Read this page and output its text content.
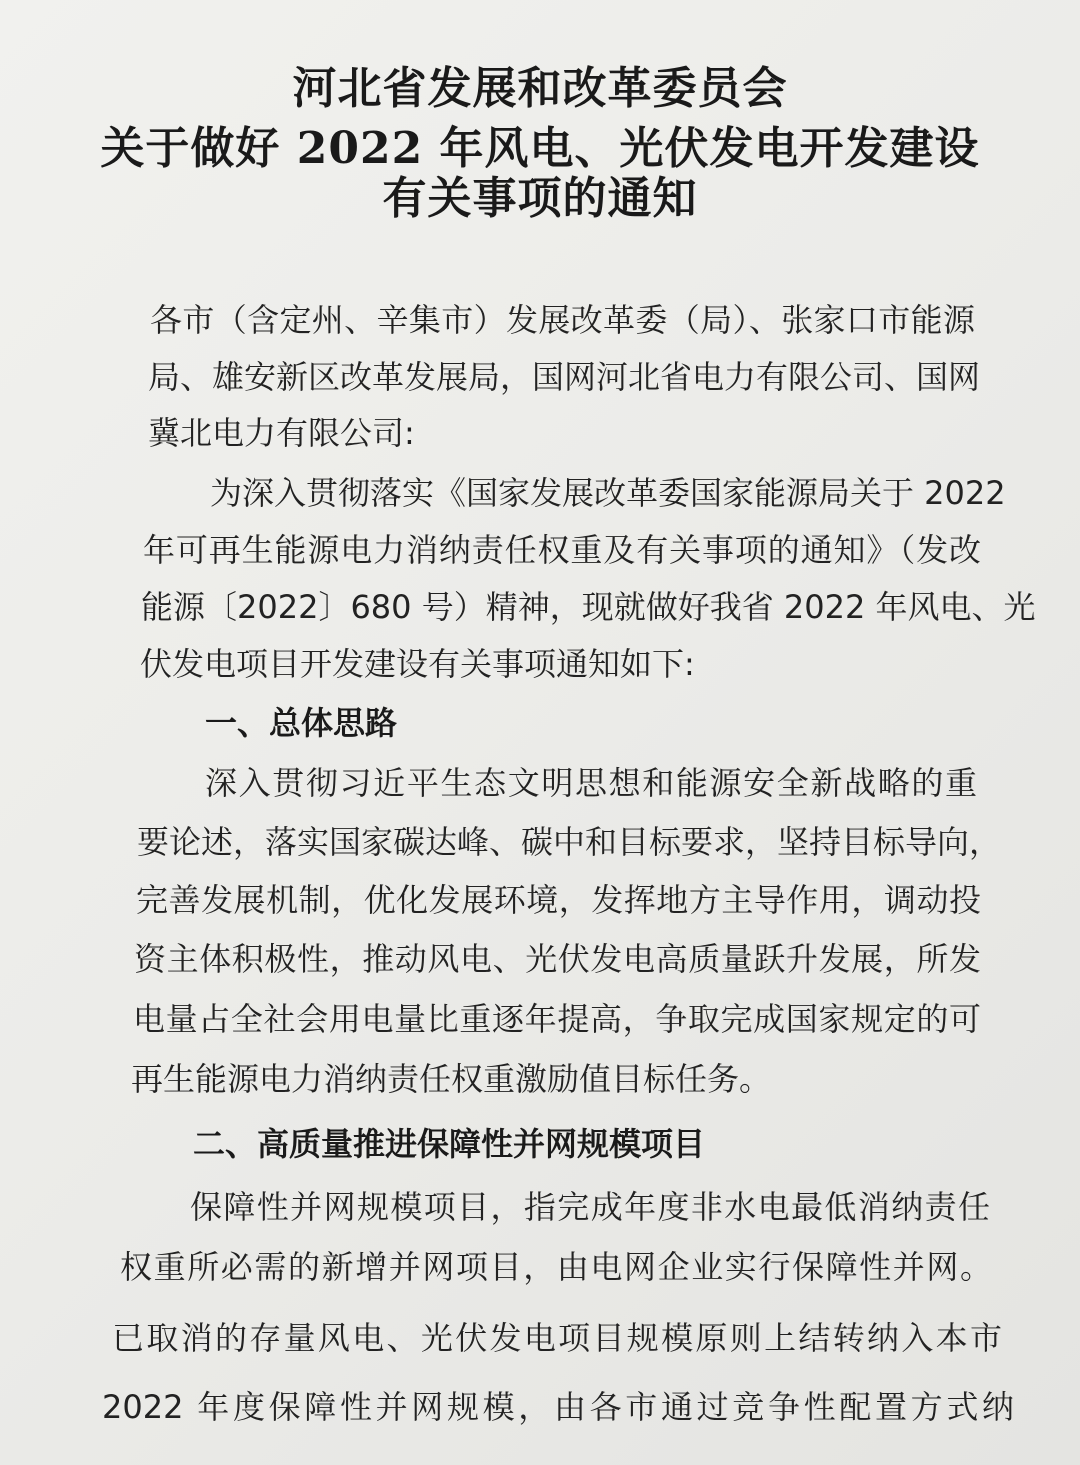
河北省发展和改革委员会
关于做好 2022 年风电、光伏发电开发建设
有关事项的通知
各市（含定州、辛集市）发展改革委（局）、张家口市能源
局、雄安新区改革发展局，国网河北省电力有限公司、国网
冀北电力有限公司:
为深入贯彻落实《国家发展改革委国家能源局关于 2022
年可再生能源电力消纳责任权重及有关事项的通知》（发改
能源〔2022〕680 号）精神，现就做好我省 2022 年风电、光
伏发电项目开发建设有关事项通知如下:
一、总体思路
深入贯彻习近平生态文明思想和能源安全新战略的重
要论述，落实国家碳达峰、碳中和目标要求，坚持目标导向，
完善发展机制，优化发展环境，发挥地方主导作用，调动投
资主体积极性，推动风电、光伏发电高质量跃升发展，所发
电量占全社会用电量比重逐年提高，争取完成国家规定的可
再生能源电力消纳责任权重激励值目标任务。
二、高质量推进保障性并网规模项目
保障性并网规模项目，指完成年度非水电最低消纳责任
权重所必需的新增并网项目，由电网企业实行保障性并网。
已取消的存量风电、光伏发电项目规模原则上结转纳入本市
2022 年度保障性并网规模，由各市通过竞争性配置方式纳
